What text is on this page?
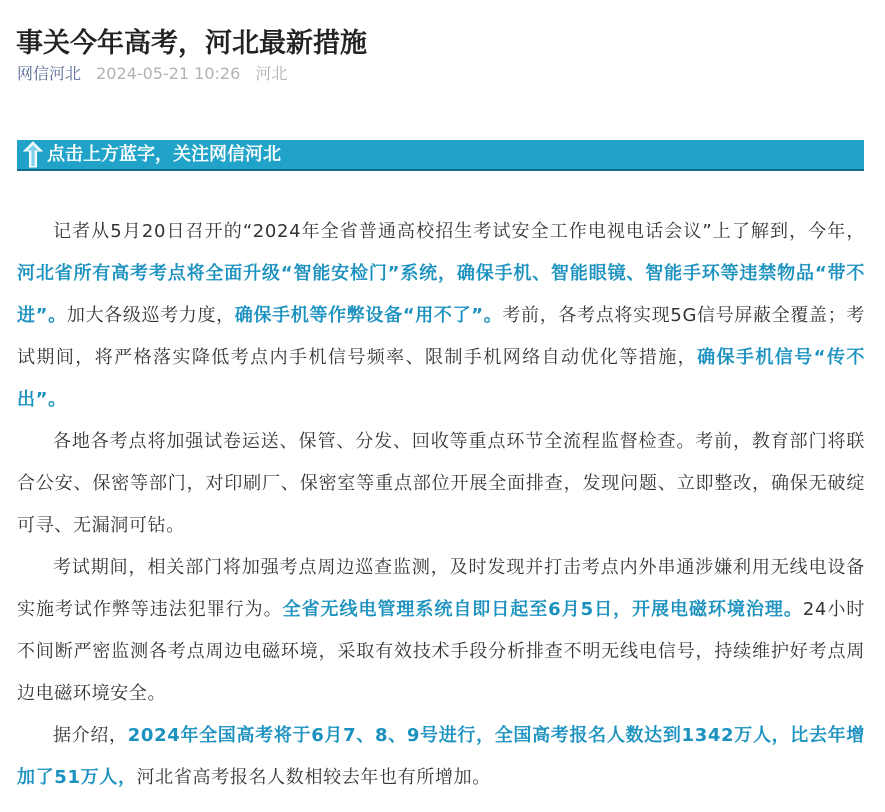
事关今年高考，河北最新措施
网信河北 2024-05-21 10:26 河北
点击上方蓝字，关注网信河北

记者从5月20日召开的“2024年全省普通高校招生考试安全工作电视电话会议”上了解到，今年，河北省所有高考考点将全面升级“智能安检门”系统，确保手机、智能眼镜、智能手环等违禁物品“带不进”。加大各级巡考力度，确保手机等作弊设备“用不了”。考前，各考点将实现5G信号屏蔽全覆盖；考试期间，将严格落实降低考点内手机信号频率、限制手机网络自动优化等措施，确保手机信号“传不出”。

各地各考点将加强试卷运送、保管、分发、回收等重点环节全流程监督检查。考前，教育部门将联合公安、保密等部门，对印刷厂、保密室等重点部位开展全面排查，发现问题、立即整改，确保无破绽可寻、无漏洞可钻。

考试期间，相关部门将加强考点周边巡查监测，及时发现并打击考点内外串通涉嫌利用无线电设备实施考试作弊等违法犯罪行为。全省无线电管理系统自即日起至6月5日，开展电磁环境治理。24小时不间断严密监测各考点周边电磁环境，采取有效技术手段分析排查不明无线电信号，持续维护好考点周边电磁环境安全。

据介绍，2024年全国高考将于6月7、8、9号进行，全国高考报名人数达到1342万人，比去年增加了51万人，河北省高考报名人数相较去年也有所增加。
